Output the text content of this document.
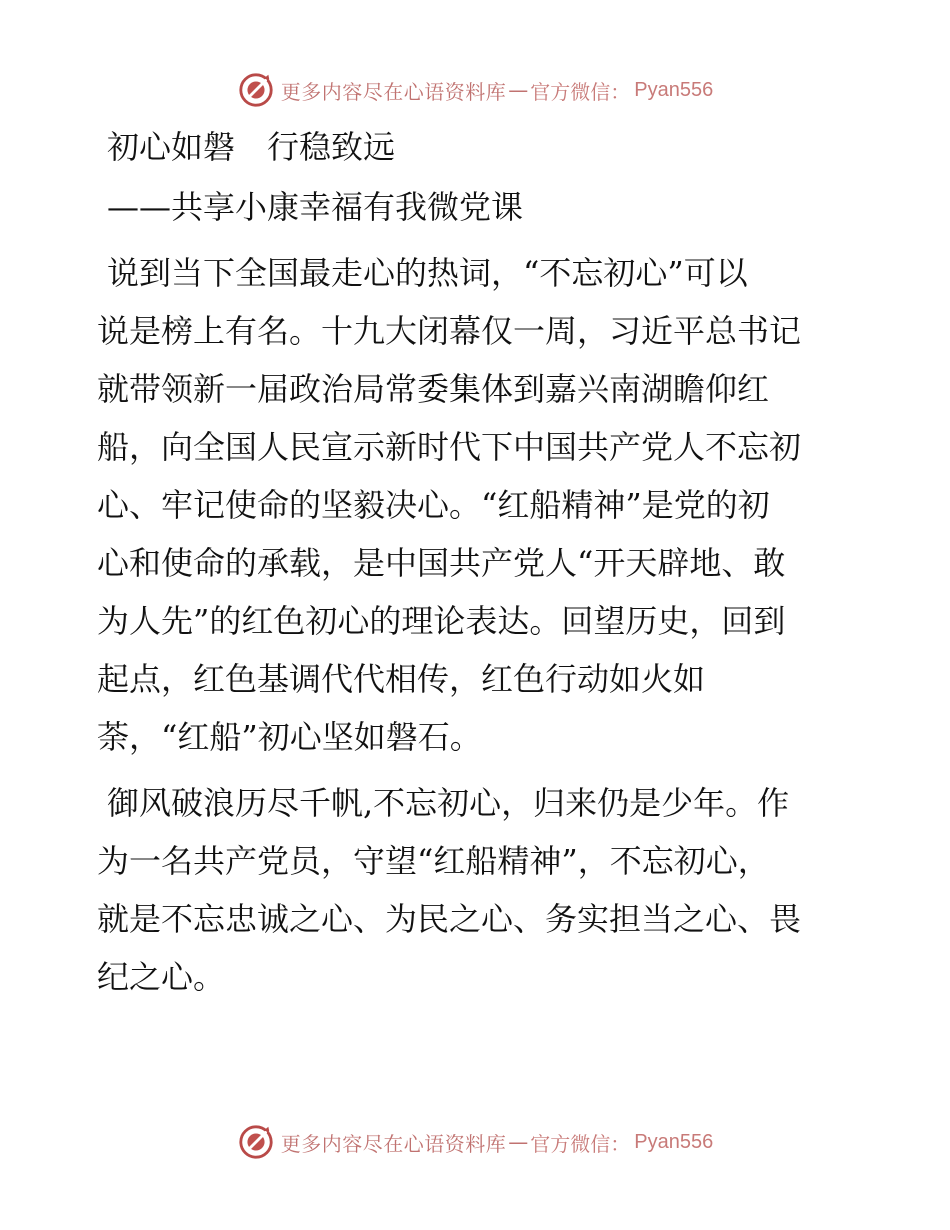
更多内容尽在心语资料库 — 官方微信： Pyan556
初心如磐　行稳致远
——共享小康幸福有我微党课
说到当下全国最走心的热词，“不忘初心”可以
说是榜上有名。十九大闭幕仅一周，习近平总书记
就带领新一届政治局常委集体到嘉兴南湖瞻仰红
船，向全国人民宣示新时代下中国共产党人不忘初
心、牢记使命的坚毅决心。“红船精神”是党的初
心和使命的承载，是中国共产党人“开天辟地、敢
为人先”的红色初心的理论表达。回望历史，回到
起点，红色基调代代相传，红色行动如火如
荼，“红船”初心坚如磐石。
御风破浪历尽千帆,不忘初心，归来仍是少年。作
为一名共产党员，守望“红船精神”，不忘初心，
就是不忘忠诚之心、为民之心、务实担当之心、畏
纪之心。
更多内容尽在心语资料库 — 官方微信： Pyan556
